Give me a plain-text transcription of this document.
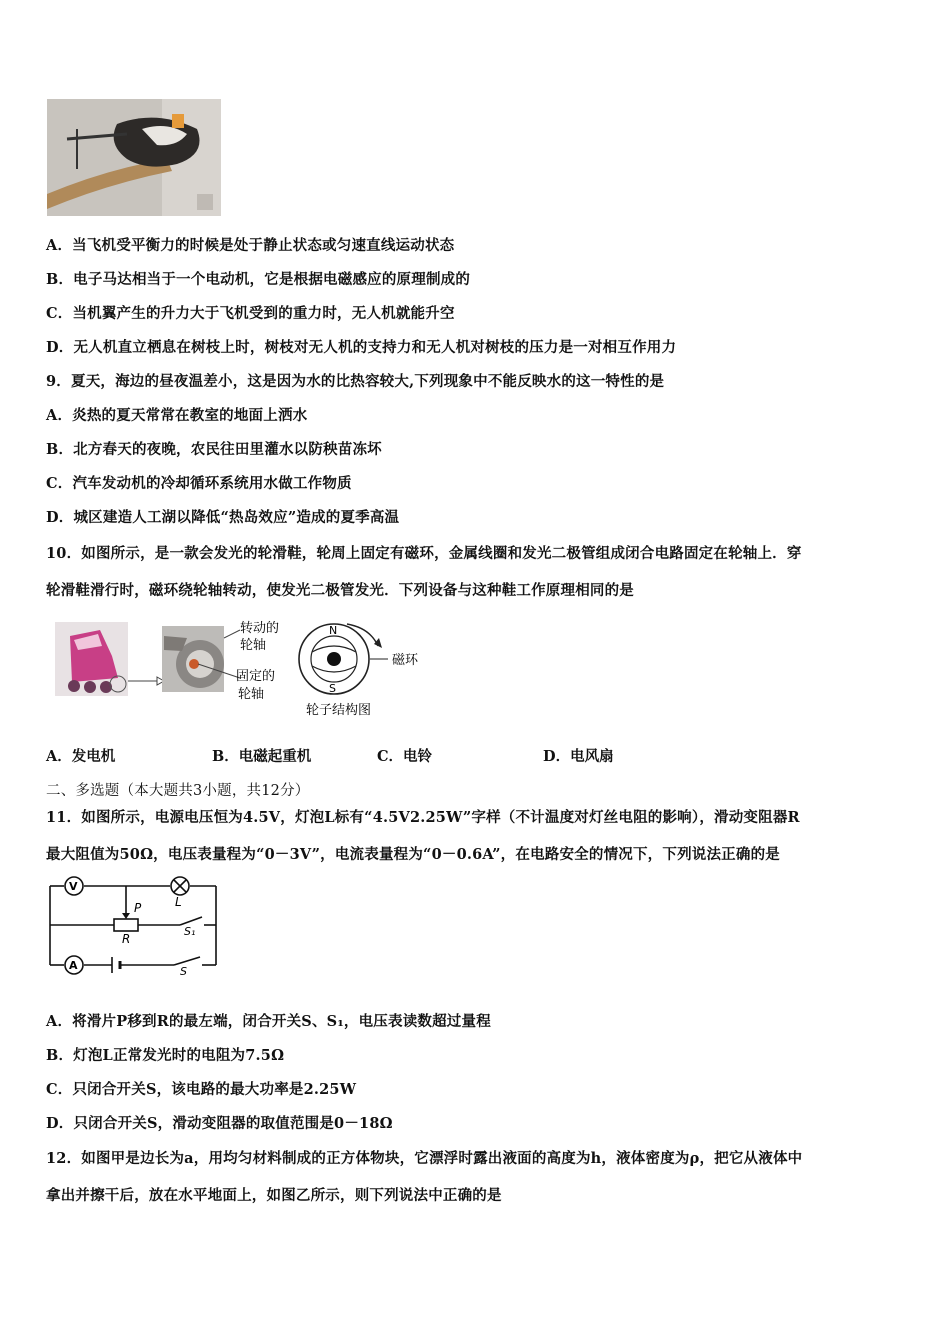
A．当飞机受平衡力的时候是处于静止状态或匀速直线运动状态
B．电子马达相当于一个电动机，它是根据电磁感应的原理制成的
C．当机翼产生的升力大于飞机受到的重力时，无人机就能升空
D．无人机直立栖息在树枝上时，树枝对无人机的支持力和无人机对树枝的压力是一对相互作用力
9．夏天，海边的昼夜温差小，这是因为水的比热容较大,下列现象中不能反映水的这一特性的是
A．炎热的夏天常常在教室的地面上洒水
B．北方春天的夜晚，农民往田里灌水以防秧苗冻坏
C．汽车发动机的冷却循环系统用水做工作物质
D．城区建造人工湖以降低“热岛效应”造成的夏季高温
10．如图所示，是一款会发光的轮滑鞋，轮周上固定有磁环，金属线圈和发光二极管组成闭合电路固定在轮轴上．穿
轮滑鞋滑行时，磁环绕轮轴转动，使发光二极管发光．下列设备与这种鞋工作原理相同的是
转动的
轮轴
固定的
轮轴
N
S
磁环
轮子结构图
A．发电机	B．电磁起重机	C．电铃	D．电风扇
二、多选题（本大题共3小题，共12分）
11．如图所示，电源电压恒为4.5V，灯泡L标有“4.5V2.25W”字样（不计温度对灯丝电阻的影响），滑动变阻器R
最大阻值为50Ω，电压表量程为“0－3V”，电流表量程为“0－0.6A”，在电路安全的情况下，下列说法正确的是
V
A
L
P
R
S₁
S
A．将滑片P移到R的最左端，闭合开关S、S₁，电压表读数超过量程
B．灯泡L正常发光时的电阻为7.5Ω
C．只闭合开关S，该电路的最大功率是2.25W
D．只闭合开关S，滑动变阻器的取值范围是0－18Ω
12．如图甲是边长为a，用均匀材料制成的正方体物块，它漂浮时露出液面的高度为h，液体密度为ρ，把它从液体中
拿出并擦干后，放在水平地面上，如图乙所示，则下列说法中正确的是
